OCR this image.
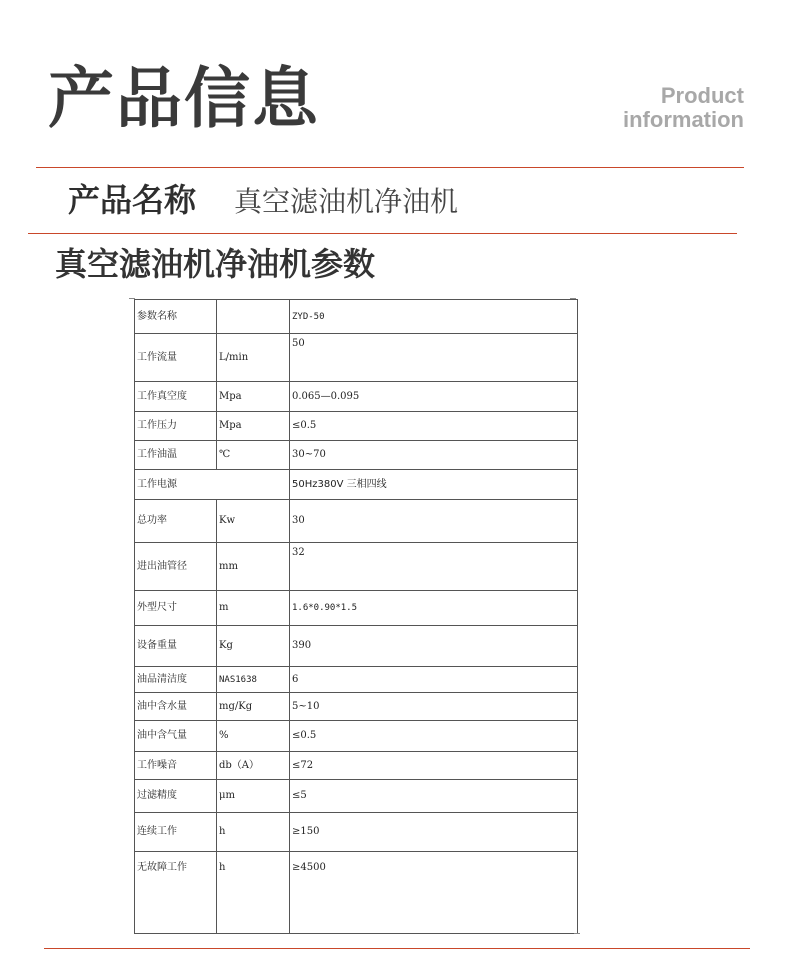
产品信息	Product
information
产品名称 真空滤油机净油机
真空滤油机净油机参数
参数名称		ZYD-50
工作流量	L/min	50
工作真空度	Mpa	0.065—0.095
工作压力	Mpa	≤0.5
工作油温	℃	30~70
工作电源		50Hz380V 三相四线
总功率	Kw	30
进出油管径	mm	32
外型尺寸	m	1.6*0.90*1.5
设备重量	Kg	390
油品清洁度	NAS1638	6
油中含水量	mg/Kg	5~10
油中含气量	%	≤0.5
工作噪音	db（A）	≤72
过滤精度	μm	≤5
连续工作	h	≥150
无故障工作	h	≥4500
